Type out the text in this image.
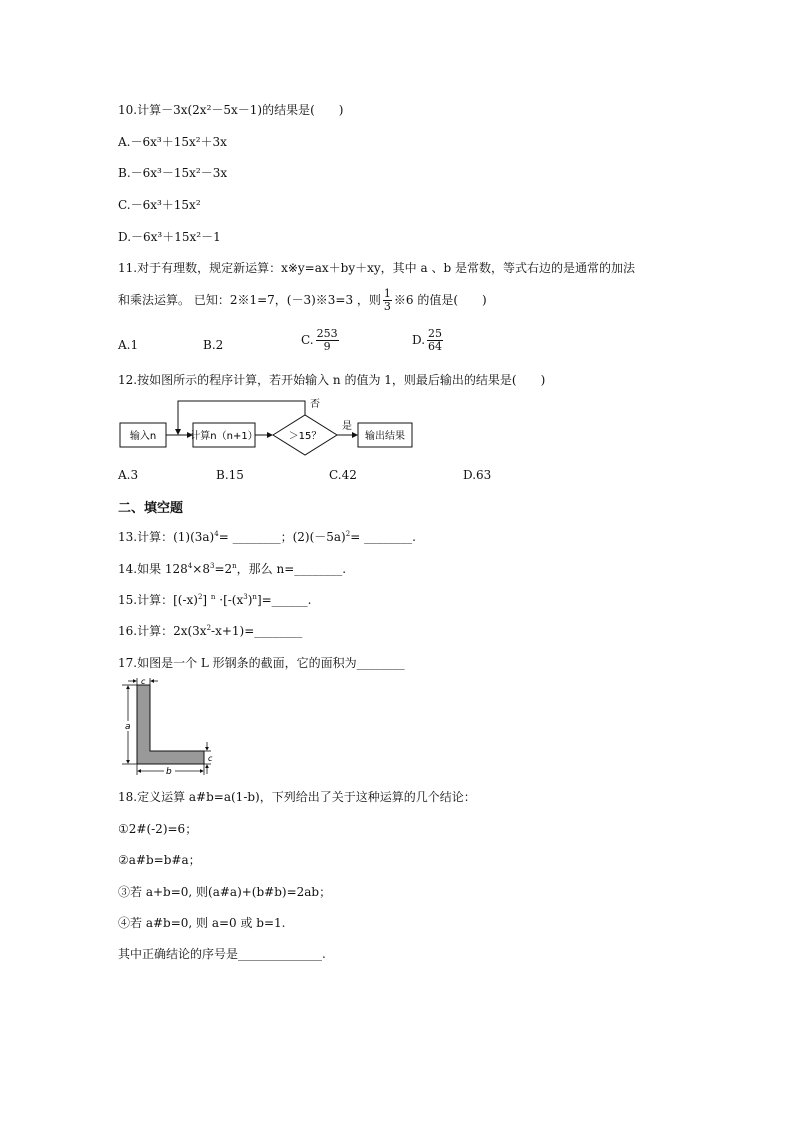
10.计算－3x(2x²－5x－1)的结果是(　　)
A.－6x³＋15x²＋3x
B.－6x³－15x²－3x
C.－6x³＋15x²
D.－6x³＋15x²－1
11.对于有理数，规定新运算：x※y=ax＋by＋xy，其中 a 、b 是常数，等式右边的是通常的加法
和乘法运算。 已知：2※1=7，(－3)※3=3 ，则 $\frac{1}{3}$ ※6 的值是(　　)
A.1	B.2	C. $\frac{253}{9}$	D. $\frac{25}{64}$
12.按如图所示的程序计算，若开始输入 n 的值为 1，则最后输出的结果是(　　)
输入n	计算n（n+1）	＞15？
是
输出结果
否
A.3	B.15	C.42	D.63
二、填空题
13.计算：$(1)(3a)^4=$ ________；$(2)(-5a)^2=$ ________.
14.如果 $128^4\times 8^3=2^n$，那么 n=________.
15.计算：$[(-x)^2]$ $^n \cdot[-(x^3)^n]=\_\_\_\_\_\_$.
16.计算：$2x(3x^2-x+1)=\_\_\_\_\_\_\_\_$
17.如图是一个 L 形钢条的截面，它的面积为________
c
a
b
c
18.定义运算 a#b=a(1-b)，下列给出了关于这种运算的几个结论：
①2#(-2)=6；
②a#b=b#a；
③若 a+b=0, 则(a#a)+(b#b)=2ab；
④若 a#b=0, 则 a=0 或 b=1.
其中正确结论的序号是______________.
